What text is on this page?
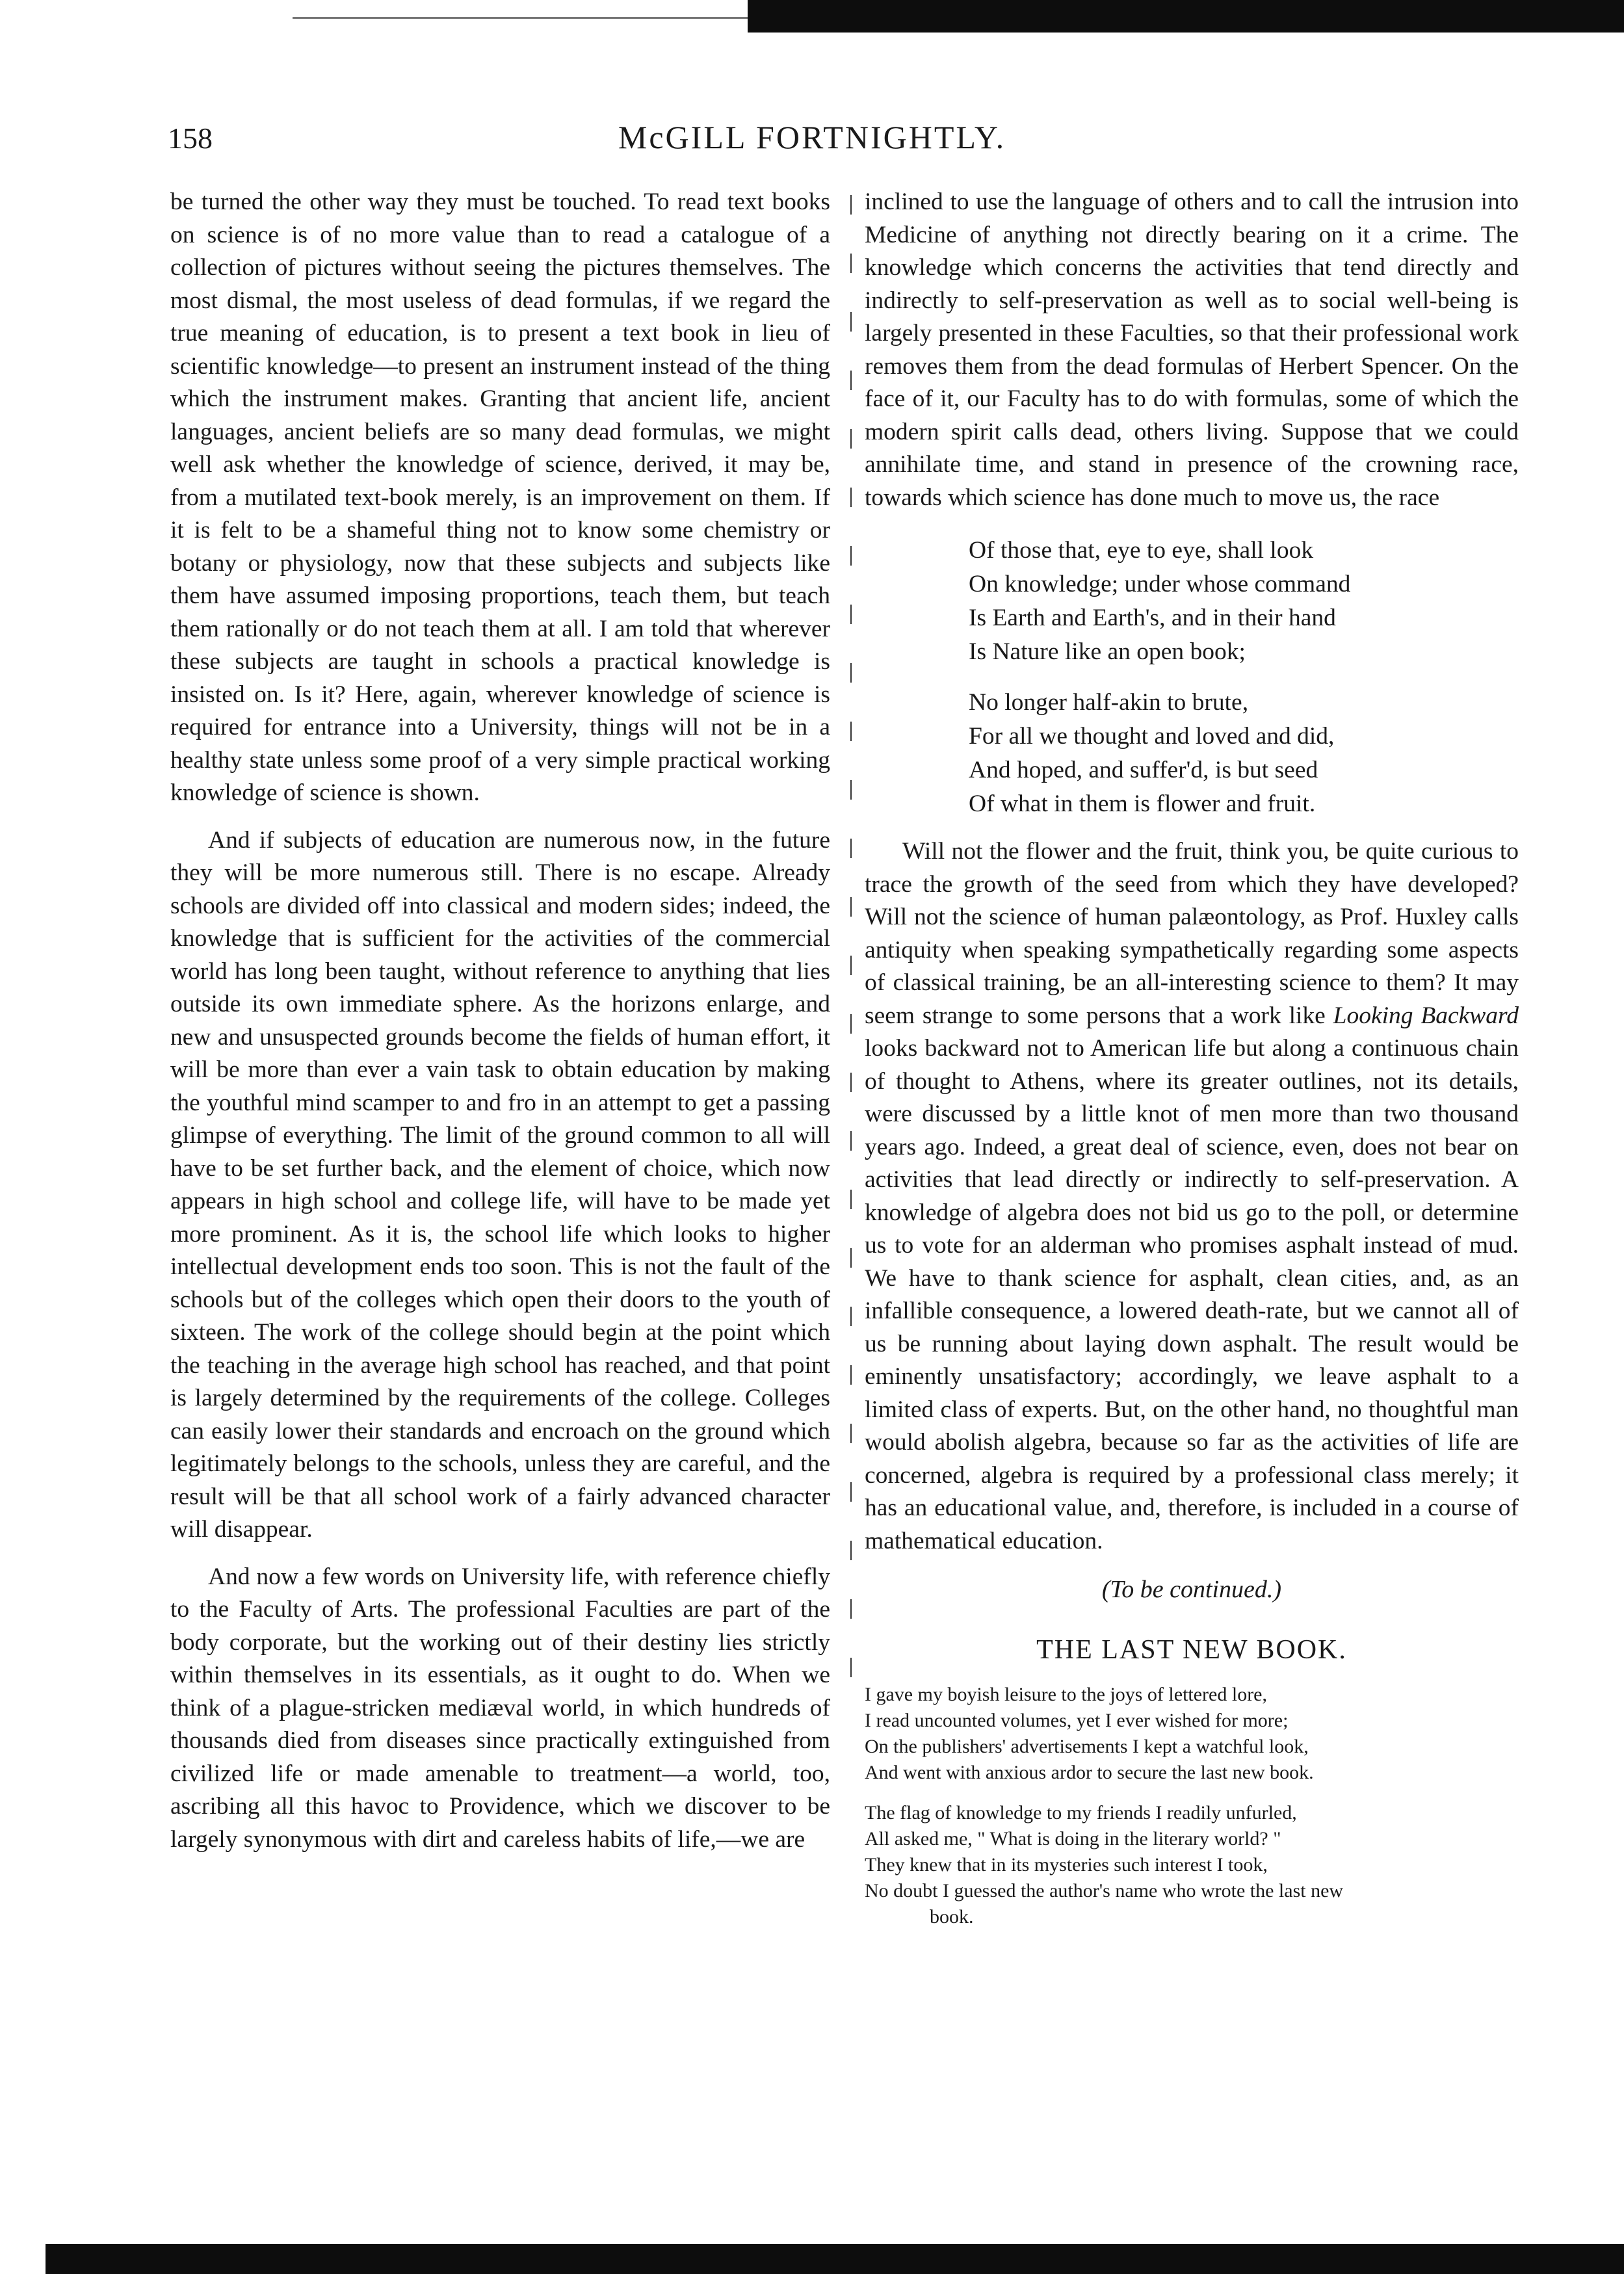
158	McGILL FORTNIGHTLY.

be turned the other way they must be touched. To read text books on science is of no more value than to read a catalogue of a collection of pictures without seeing the pictures themselves. The most dismal, the most useless of dead formulas, if we regard the true meaning of education, is to present a text book in lieu of scientific knowledge—to present an instrument instead of the thing which the instrument makes. Granting that ancient life, ancient languages, ancient beliefs are so many dead formulas, we might well ask whether the knowledge of science, derived, it may be, from a mutilated text-book merely, is an improvement on them. If it is felt to be a shameful thing not to know some chemistry or botany or physiology, now that these subjects and subjects like them have assumed imposing proportions, teach them, but teach them rationally or do not teach them at all. I am told that wherever these subjects are taught in schools a practical knowledge is insisted on. Is it? Here, again, wherever knowledge of science is required for entrance into a University, things will not be in a healthy state unless some proof of a very simple practical working knowledge of science is shown.

And if subjects of education are numerous now, in the future they will be more numerous still. There is no escape. Already schools are divided off into classical and modern sides; indeed, the knowledge that is sufficient for the activities of the commercial world has long been taught, without reference to anything that lies outside its own immediate sphere. As the horizons enlarge, and new and unsuspected grounds become the fields of human effort, it will be more than ever a vain task to obtain education by making the youthful mind scamper to and fro in an attempt to get a passing glimpse of everything. The limit of the ground common to all will have to be set further back, and the element of choice, which now appears in high school and college life, will have to be made yet more prominent. As it is, the school life which looks to higher intellectual development ends too soon. This is not the fault of the schools but of the colleges which open their doors to the youth of sixteen. The work of the college should begin at the point which the teaching in the average high school has reached, and that point is largely determined by the requirements of the college. Colleges can easily lower their standards and encroach on the ground which legitimately belongs to the schools, unless they are careful, and the result will be that all school work of a fairly advanced character will disappear.

And now a few words on University life, with reference chiefly to the Faculty of Arts. The professional Faculties are part of the body corporate, but the working out of their destiny lies strictly within themselves in its essentials, as it ought to do. When we think of a plague-stricken mediæval world, in which hundreds of thousands died from diseases since practically extinguished from civilized life or made amenable to treatment—a world, too, ascribing all this havoc to Providence, which we discover to be largely synonymous with dirt and careless habits of life,—we are

inclined to use the language of others and to call the intrusion into Medicine of anything not directly bearing on it a crime. The knowledge which concerns the activities that tend directly and indirectly to self-preservation as well as to social well-being is largely presented in these Faculties, so that their professional work removes them from the dead formulas of Herbert Spencer. On the face of it, our Faculty has to do with formulas, some of which the modern spirit calls dead, others living. Suppose that we could annihilate time, and stand in presence of the crowning race, towards which science has done much to move us, the race

Of those that, eye to eye, shall look
On knowledge; under whose command
Is Earth and Earth's, and in their hand
Is Nature like an open book;
No longer half-akin to brute,
For all we thought and loved and did,
And hoped, and suffer'd, is but seed
Of what in them is flower and fruit.

Will not the flower and the fruit, think you, be quite curious to trace the growth of the seed from which they have developed? Will not the science of human palæontology, as Prof. Huxley calls antiquity when speaking sympathetically regarding some aspects of classical training, be an all-interesting science to them? It may seem strange to some persons that a work like Looking Backward looks backward not to American life but along a continuous chain of thought to Athens, where its greater outlines, not its details, were discussed by a little knot of men more than two thousand years ago. Indeed, a great deal of science, even, does not bear on activities that lead directly or indirectly to self-preservation. A knowledge of algebra does not bid us go to the poll, or determine us to vote for an alderman who promises asphalt instead of mud. We have to thank science for asphalt, clean cities, and, as an infallible consequence, a lowered death-rate, but we cannot all of us be running about laying down asphalt. The result would be eminently unsatisfactory; accordingly, we leave asphalt to a limited class of experts. But, on the other hand, no thoughtful man would abolish algebra, because so far as the activities of life are concerned, algebra is required by a professional class merely; it has an educational value, and, therefore, is included in a course of mathematical education.

(To be continued.)
THE LAST NEW BOOK.
I gave my boyish leisure to the joys of lettered lore,
I read uncounted volumes, yet I ever wished for more;
On the publishers' advertisements I kept a watchful look,
And went with anxious ardor to secure the last new book.
The flag of knowledge to my friends I readily unfurled,
All asked me, " What is doing in the literary world? "
They knew that in its mysteries such interest I took,
No doubt I guessed the author's name who wrote the last new
book.
